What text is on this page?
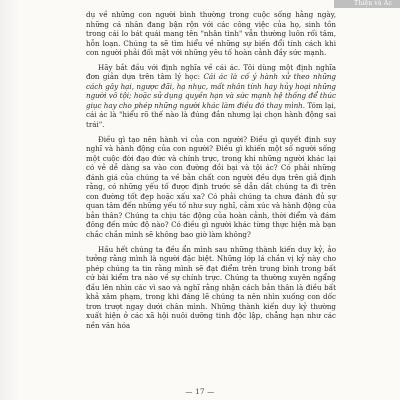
Thiện và Ác

dụ về những con người bình thường trong cuộc sống hằng ngày, những cá nhân đang bận rộn với các công việc của họ, sinh tồn trong cái lo bát quái mang tên "nhân tình" vẫn thường luôn rối tâm, hỗn loạn. Chúng ta sẽ tìm hiểu về những sự biến đổi tính cách khi con người phải đối mặt với những yêu tố hoàn cảnh đầy sức mạnh.

Hãy bắt đầu với định nghĩa về cái ác. Tôi dùng một định nghĩa đơn giản dựa trên tâm lý học: Cái ác là cố ý hành xử theo những cách gây hại, ngược đãi, hạ nhục, mất nhân tính hay hủy hoại những người vô tội; hoặc sử dụng quyền hạn và sức mạnh hệ thống để thúc giục hay cho phép những người khác làm điều đó thay mình. Tóm lại, cái ác là "hiểu rõ thế nào là đúng đắn nhưng lại chọn hành động sai trái".

Điều gì tạo nên hành vi của con người? Điều gì quyết định suy nghĩ và hành động của con người? Điều gì khiến một số người sống một cuộc đời đạo đức và chính trực, trong khi những người khác lại có vẻ dễ dàng sa vào con đường đồi bại và tội ác? Có phải những đánh giá của chúng ta về bản chất con người đều dựa trên giả định rằng, có những yếu tố được định trước sẽ dẫn dắt chúng ta đi trên con đường tốt đẹp hoặc xấu xa? Có phải chúng ta chưa đánh đủ sự quan tâm đến những yếu tố như suy nghĩ, cảm xúc và hành động của bản thân? Chúng ta chịu tác động của hoàn cảnh, thời điểm và đám đông đến mức độ nào? Có điều gì người khác từng thực hiện mà bạn chắc chắn mình sẽ không bao giờ làm không?

Hầu hết chúng ta đều ẩn mình sau những thành kiến duy kỷ, ảo tưởng rằng mình là người đặc biệt. Những lớp lá chắn vị kỷ này cho phép chúng ta tin rằng mình sẽ đạt điểm trên trung bình trong bất cứ bài kiểm tra nào về sự chính trực. Chúng ta thường xuyên ngẩng đầu lên nhìn các vì sao và nghĩ rằng nhận cách bản thân là điều bất khả xâm phạm, trong khi đáng lẽ chúng ta nên nhìn xuống con dốc trơn trượt ngay dưới chân mình. Những thành kiến duy kỷ thường xuất hiện ở các xã hội nuôi dưỡng tinh độc lập, chẳng hạn như các nền văn hóa

— 17 —
